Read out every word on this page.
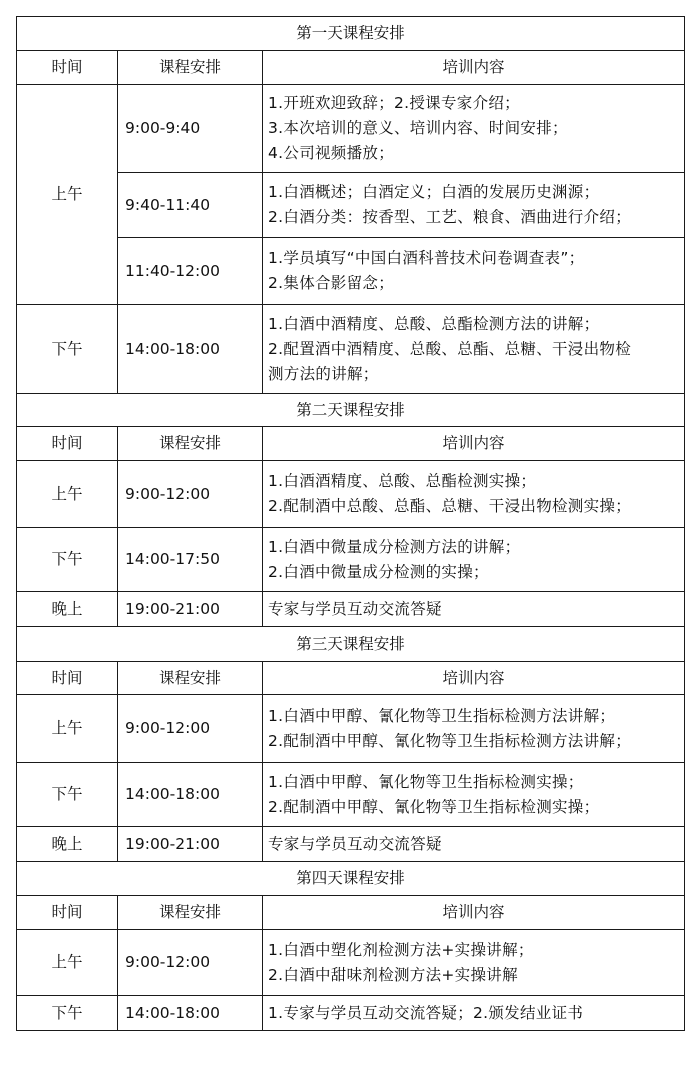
第一天课程安排		
时间	课程安排	培训内容
上午	9:00-9:40	1.开班欢迎致辞；2.授课专家介绍；
3.本次培训的意义、培训内容、时间安排；
4.公司视频播放；

	9:40-11:40	1.白酒概述；白酒定义；白酒的发展历史渊源；
2.白酒分类：按香型、工艺、粮食、酒曲进行介绍；

	11:40-12:00	1.学员填写“中国白酒科普技术问卷调查表”；
2.集体合影留念；

下午	14:00-18:00	1.白酒中酒精度、总酸、总酯检测方法的讲解；
2.配置酒中酒精度、总酸、总酯、总糖、干浸出物检
测方法的讲解；

第二天课程安排		
时间	课程安排	培训内容
上午	9:00-12:00	1.白酒酒精度、总酸、总酯检测实操；
2.配制酒中总酸、总酯、总糖、干浸出物检测实操；

下午	14:00-17:50	1.白酒中微量成分检测方法的讲解；
2.白酒中微量成分检测的实操；

晚上	19:00-21:00	专家与学员互动交流答疑

第三天课程安排		
时间	课程安排	培训内容
上午	9:00-12:00	1.白酒中甲醇、氰化物等卫生指标检测方法讲解；
2.配制酒中甲醇、氰化物等卫生指标检测方法讲解；

下午	14:00-18:00	1.白酒中甲醇、氰化物等卫生指标检测实操；
2.配制酒中甲醇、氰化物等卫生指标检测实操；

晚上	19:00-21:00	专家与学员互动交流答疑

第四天课程安排		
时间	课程安排	培训内容
上午	9:00-12:00	1.白酒中塑化剂检测方法+实操讲解；
2.白酒中甜味剂检测方法+实操讲解

下午	14:00-18:00	1.专家与学员互动交流答疑；2.颁发结业证书
